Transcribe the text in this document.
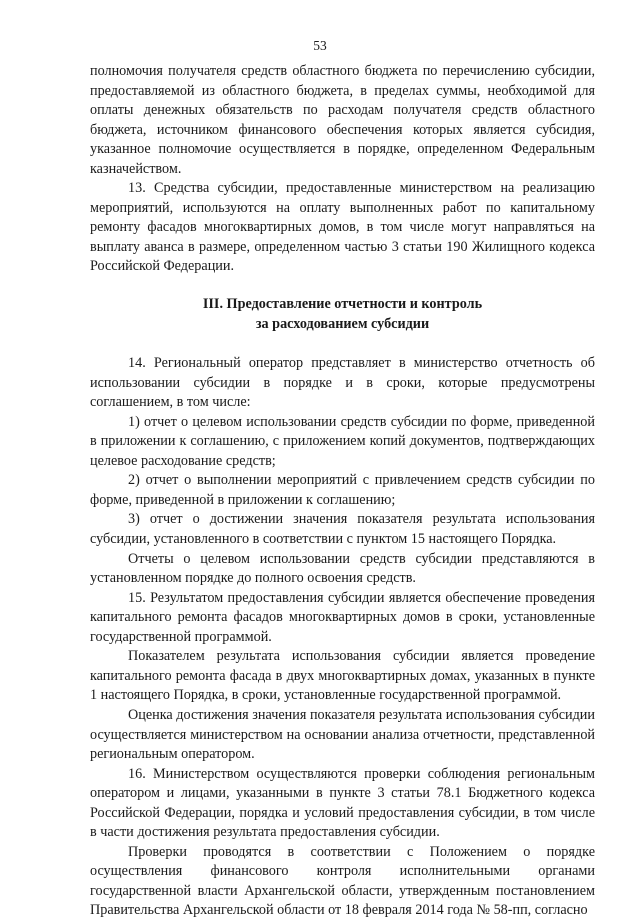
53

полномочия получателя средств областного бюджета по перечислению субсидии, предоставляемой из областного бюджета, в пределах суммы, необходимой для оплаты денежных обязательств по расходам получателя средств областного бюджета, источником финансового обеспечения которых является субсидия, указанное полномочие осуществляется в порядке, определенном Федеральным казначейством.

13. Средства субсидии, предоставленные министерством на реализацию мероприятий, используются на оплату выполненных работ по капитальному ремонту фасадов многоквартирных домов, в том числе могут направляться на выплату аванса в размере, определенном частью 3 статьи 190 Жилищного кодекса Российской Федерации.

III. Предоставление отчетности и контроль
за расходованием субсидии

14. Региональный оператор представляет в министерство отчетность об использовании субсидии в порядке и в сроки, которые предусмотрены соглашением, в том числе:

1) отчет о целевом использовании средств субсидии по форме, приведенной в приложении к соглашению, с приложением копий документов, подтверждающих целевое расходование средств;

2) отчет о выполнении мероприятий с привлечением средств субсидии по форме, приведенной в приложении к соглашению;

3) отчет о достижении значения показателя результата использования субсидии, установленного в соответствии с пунктом 15 настоящего Порядка.

Отчеты о целевом использовании средств субсидии представляются в установленном порядке до полного освоения средств.

15. Результатом предоставления субсидии является обеспечение проведения капитального ремонта фасадов многоквартирных домов в сроки, установленные государственной программой.

Показателем результата использования субсидии является проведение капитального ремонта фасада в двух многоквартирных домах, указанных в пункте 1 настоящего Порядка, в сроки, установленные государственной программой.

Оценка достижения значения показателя результата использования субсидии осуществляется министерством на основании анализа отчетности, представленной региональным оператором.

16. Министерством осуществляются проверки соблюдения региональным оператором и лицами, указанными в пункте 3 статьи 78.1 Бюджетного кодекса Российской Федерации, порядка и условий предоставления субсидии, в том числе в части достижения результата предоставления субсидии.

Проверки проводятся в соответствии с Положением о порядке осуществления финансового контроля исполнительными органами государственной власти Архангельской области, утвержденным постановлением Правительства Архангельской области от 18 февраля 2014 года № 58-пп, согласно
